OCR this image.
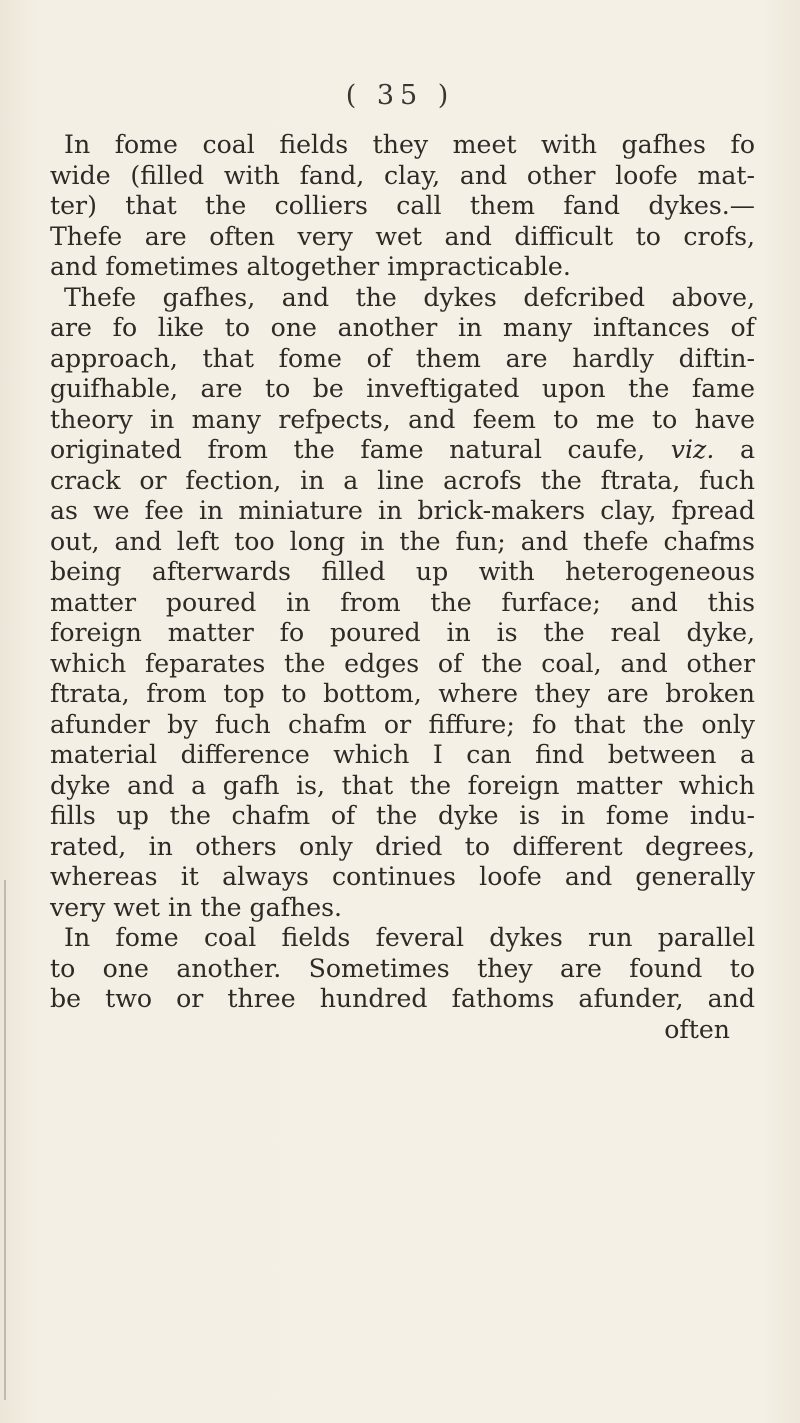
( 35 )
In fome coal fields they meet with gafhes fo
wide (filled with fand, clay, and other loofe mat-
ter) that the colliers call them fand dykes.—
Thefe are often very wet and difficult to crofs,
and fometimes altogether impracticable.
Thefe gafhes, and the dykes defcribed above,
are fo like to one another in many inftances of
approach, that fome of them are hardly diftin-
guifhable, are to be inveftigated upon the fame
theory in many refpects, and feem to me to have
originated from the fame natural caufe, viz. a
crack or fection, in a line acrofs the ftrata, fuch
as we fee in miniature in brick-makers clay, fpread
out, and left too long in the fun; and thefe chafms
being afterwards filled up with heterogeneous
matter poured in from the furface; and this
foreign matter fo poured in is the real dyke,
which feparates the edges of the coal, and other
ftrata, from top to bottom, where they are broken
afunder by fuch chafm or fiffure; fo that the only
material difference which I can find between a
dyke and a gafh is, that the foreign matter which
fills up the chafm of the dyke is in fome indu-
rated, in others only dried to different degrees,
whereas it always continues loofe and generally
very wet in the gafhes.
In fome coal fields feveral dykes run parallel
to one another. Sometimes they are found to
be two or three hundred fathoms afunder, and
often
